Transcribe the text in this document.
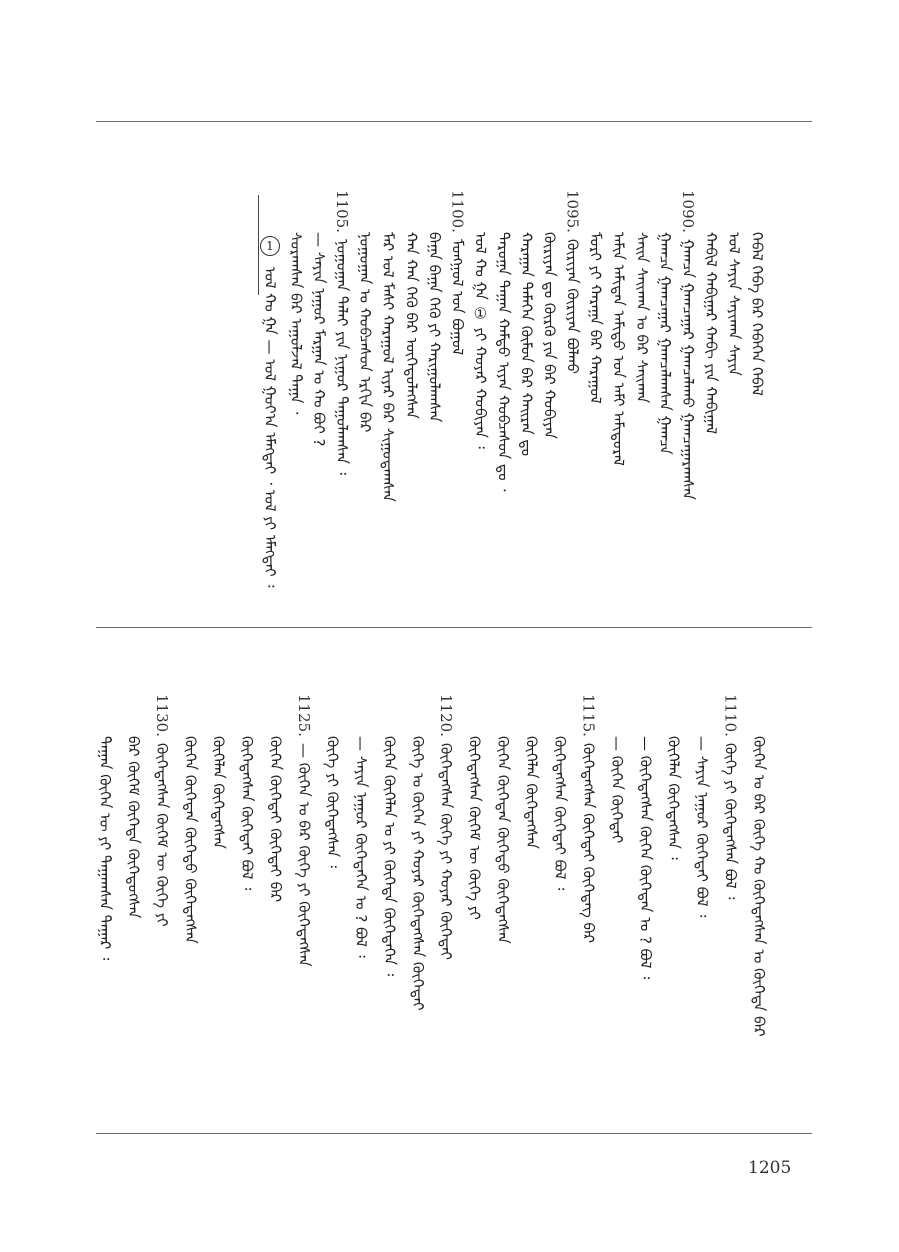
1 ᠣᠯ ᠬᠣ ᠭᠠ — ᠣᠯ ᠭᠣᠶ᠎ᠠ ᠡᠮᠡᠭᠳᠡᠢ ᠂ ᠣᠯ ᠶᠢ ᠡᠮᠡᠭᠳᠡᠢ ᠄ ᠰᠤᠷᠠᠭᠰᠠᠨ ᠪᠠᠷ ᠠᠭᠤᠯᠵᠠᠯ ᠳᠠᠭᠠ ᠂ — ᠰᠠᠶᠢᠨ ᠨᠠᠭᠤᠷ ᠮᠠᠷᠭᠠᠨ ᠤ ᠬᠣ ᠪᠤᠢ ?
1105.ᠨᠣᠭᠣᠭᠠᠨ ᠳᠠᠯᠠᠢ ᠶᠢᠨ ᠨᠢᠭᠤᠷ ᠳᠠᠭᠤᠯᠠᠭᠰᠠᠨ ᠄ ᠨᠣᠭᠣᠭᠠᠨ ᠤ ᠬᠤᠪᠴᠠᠰᠤᠨ ᠡᠷᠭᠢᠨ ᠪᠠᠷ ᠮᠠᠷ ᠤᠯ ᠮᠠᠰᠢ ᠬᠠᠷᠠᠭᠤᠯ ᠢᠶᠠᠷ ᠪᠠᠷ ᠰᠢᠭᠤᠳᠠᠭᠰᠠᠨ ᠬᠠᠨ ᠬᠠᠨ ᠭᠡᠬᠦ ᠪᠡᠷ ᠦᠭᠡᠳᠦᠯᠡᠭᠰᠡᠨ ᠪᠠᠭᠠ ᠪᠠᠭᠠ ᠭᠡᠬᠦ ᠶᠢ ᠬᠠᠷᠢᠭᠤᠯᠠᠭᠰᠠᠨ
1100.ᠮᠣᠩᠭᠣᠯ ᠤᠨ ᠪᠣᠭᠣᠯ ᠣᠯ ᠬᠣ ᠭᠠ ① ᠶᠢ ᠬᠣᠶᠠᠷ ᠬᠤᠪᠢᠶᠠᠨ ᠄ ᠳᠠᠷᠤᠭᠠ ᠳᠠᠭᠠᠨ ᠬᠠᠮᠲᠤ ᠢᠶᠠᠨ ᠬᠤᠪᠴᠠᠰᠤᠨ ᠳᠤ ᠂ ᠬᠠᠷᠠᠭᠠᠨ ᠲᠡᠮᠡᠭᠡᠨ ᠬᠦᠮᠦᠨ ᠪᠠᠷ ᠬᠠᠢᠷᠠᠨ ᠳᠤ ᠬᠦᠷᠢᠶᠡᠨ ᠳᠤ ᠬᠦᠷᠬᠦ ᠶᠢᠨ ᠪᠠᠷ ᠬᠤᠪᠢᠶᠠᠨ
1095.ᠬᠦᠷᠢᠶᠡᠨ ᠬᠦᠷᠢᠶᠡᠨ ᠪᠣᠯᠬᠤ ᠮᠣᠷᠢ ᠶᠢ ᠬᠠᠷᠠᠭᠠ ᠪᠠᠷ ᠬᠠᠷᠠᠭᠤᠯ ᠠᠮᠢᠨ ᠠᠮᠢᠲᠠᠨ ᠠᠮᠢᠲᠤ ᠤᠨ ᠠᠮᠢ ᠠᠮᠢᠳᠤᠷᠠᠯ ᠰᠠᠢᠨ ᠰᠠᠢᠬᠠᠨ ᠤ ᠪᠠᠷ ᠰᠠᠢᠬᠠᠨ ᠭᠠᠭᠴᠠ ᠭᠠᠭᠴᠠᠭᠠᠷ ᠭᠠᠭᠴᠠᠯᠠᠭᠰᠠᠨ ᠭᠠᠭᠴᠠ
1090.ᠭᠠᠭᠴᠠ ᠭᠠᠭᠴᠠᠭᠠᠷ ᠭᠠᠭᠴᠠᠯᠠᠬᠤ ᠭᠠᠭᠴᠠᠭᠠᠷᠠᠭᠰᠠᠨ ᠬᠠᠪᠢᠯ ᠬᠠᠪᠢᠭᠠᠷ ᠬᠠᠪᠢ ᠶᠢᠨ ᠬᠠᠪᠢᠭᠠᠯ ᠣᠯ ᠰᠠᠶᠢᠨ ᠰᠠᠶᠢᠬᠠᠨ ᠰᠠᠶᠢᠨ ᠬᠡᠪᠡᠯ ᠬᠡᠪᠡ ᠪᠠᠷ ᠬᠡᠪᠡᠭᠡᠨ ᠬᠡᠪᠡᠯ
ᠳᠠᠭᠠᠨ ᠬᠦᠭᠡᠨ ᠦ ᠶᠢ ᠳᠠᠭᠠᠭᠰᠠᠨ ᠳᠠᠭᠠᠷ ᠄ ᠪᠠᠷ ᠬᠦᠭᠡᠮ ᠬᠦᠭᠡᠲᠡ ᠬᠦᠭᠡᠳᠦᠭᠰᠡᠨ
1130.ᠬᠦᠭᠡᠳᠡᠭᠰᠡᠨ ᠬᠦᠭᠡᠮ ᠦ ᠬᠦᠭᠡ ᠶᠢ ᠬᠦᠭᠡᠨ ᠬᠦᠭᠡᠲᠡᠨ ᠬᠦᠭᠡᠲᠦ ᠬᠦᠭᠡᠳᠡᠭᠰᠡᠨ ᠬᠦᠭᠡᠯᠡᠨ ᠬᠦᠭᠡᠳᠡᠭᠰᠡᠨ ᠬᠦᠭᠡᠳᠡᠭᠰᠡᠨ ᠬᠦᠭᠡᠲᠡᠢ ᠪᠣᠯ ᠄ ᠬᠦᠭᠡᠨ ᠬᠦᠭᠡᠲᠡᠢ ᠬᠦᠭᠡᠲᠡᠢ ᠪᠠᠷ
1125.— ᠬᠦᠭᠡᠨ ᠣ ᠪᠠᠷ ᠬᠦᠭᠡ ᠶᠢ ᠬᠦᠭᠡᠳᠡᠭᠰᠡᠨ ᠬᠦᠭᠡ ᠶᠢ ᠬᠦᠭᠡᠳᠡᠭᠰᠡᠨ ᠄ — ᠰᠠᠶᠢᠨ ᠨᠠᠭᠤᠷ ᠬᠦᠭᠡᠳᠡᠭᠡᠨ ᠤ ? ᠪᠣᠯ ᠄ ᠬᠦᠭᠡᠨ ᠬᠦᠭᠡᠯᠡᠨ ᠤ ᠶᠢ ᠬᠦᠭᠡᠲᠡ ᠬᠦᠭᠡᠳᠡᠭᠡᠨ ᠄ ᠬᠦᠭᠡ ᠤ ᠬᠦᠭᠡᠨ ᠶᠢ ᠬᠣᠶᠠᠷ ᠬᠦᠭᠡᠳᠡᠭᠰᠡᠨ ᠬᠦᠭᠡᠲᠡᠢ
1120.ᠬᠦᠭᠡᠳᠡᠭᠰᠡᠨ ᠬᠦᠭᠡ ᠶᠢ ᠬᠣᠶᠠᠷ ᠬᠦᠭᠡᠲᠡᠢ ᠬᠦᠭᠡᠳᠡᠭᠰᠡᠨ ᠬᠦᠭᠡᠮ ᠦ ᠬᠦᠭᠡ ᠶᠢ ᠬᠦᠭᠡᠨ ᠬᠦᠭᠡᠲᠡᠨ ᠬᠦᠭᠡᠲᠦ ᠬᠦᠭᠡᠳᠡᠭᠰᠡᠨ ᠬᠦᠭᠡᠯᠡᠨ ᠬᠦᠭᠡᠳᠡᠭᠰᠡᠨ ᠬᠦᠭᠡᠳᠡᠭᠰᠡᠨ ᠬᠦᠭᠡᠲᠡᠢ ᠪᠣᠯ ᠄
1115.ᠬᠦᠭᠡᠳᠡᠭᠰᠡᠨ ᠬᠦᠭᠡᠲᠡᠢ ᠬᠦᠭᠡᠳᠡᠭ ᠪᠠᠷ — ᠬᠦᠭᠡᠨ ᠬᠦᠭᠡᠲᠡᠢ — ᠬᠦᠭᠡᠳᠡᠭᠰᠡᠨ ᠬᠦᠭᠡᠨ ᠬᠦᠭᠡᠲᠡᠨ ᠤ ? ᠪᠣᠯ ᠄ ᠬᠦᠭᠡᠯᠡᠨ ᠬᠦᠭᠡᠳᠡᠭᠰᠡᠨ ᠄ — ᠰᠠᠶᠢᠨ ᠨᠠᠭᠤᠷ ᠬᠦᠭᠡᠲᠡᠢ ᠪᠣᠯ ᠄
1110.ᠬᠦᠭᠡ ᠶᠢ ᠬᠦᠭᠡᠳᠡᠭᠰᠡᠨ ᠪᠣᠯ ᠄ ᠬᠦᠭᠡᠨ ᠣ ᠪᠠᠷ ᠬᠦᠭᠡ ᠬᠣ ᠬᠦᠭᠡᠳᠡᠭᠰᠡᠨ ᠤ ᠬᠦᠭᠡᠲᠡ ᠪᠠᠷ
1205
